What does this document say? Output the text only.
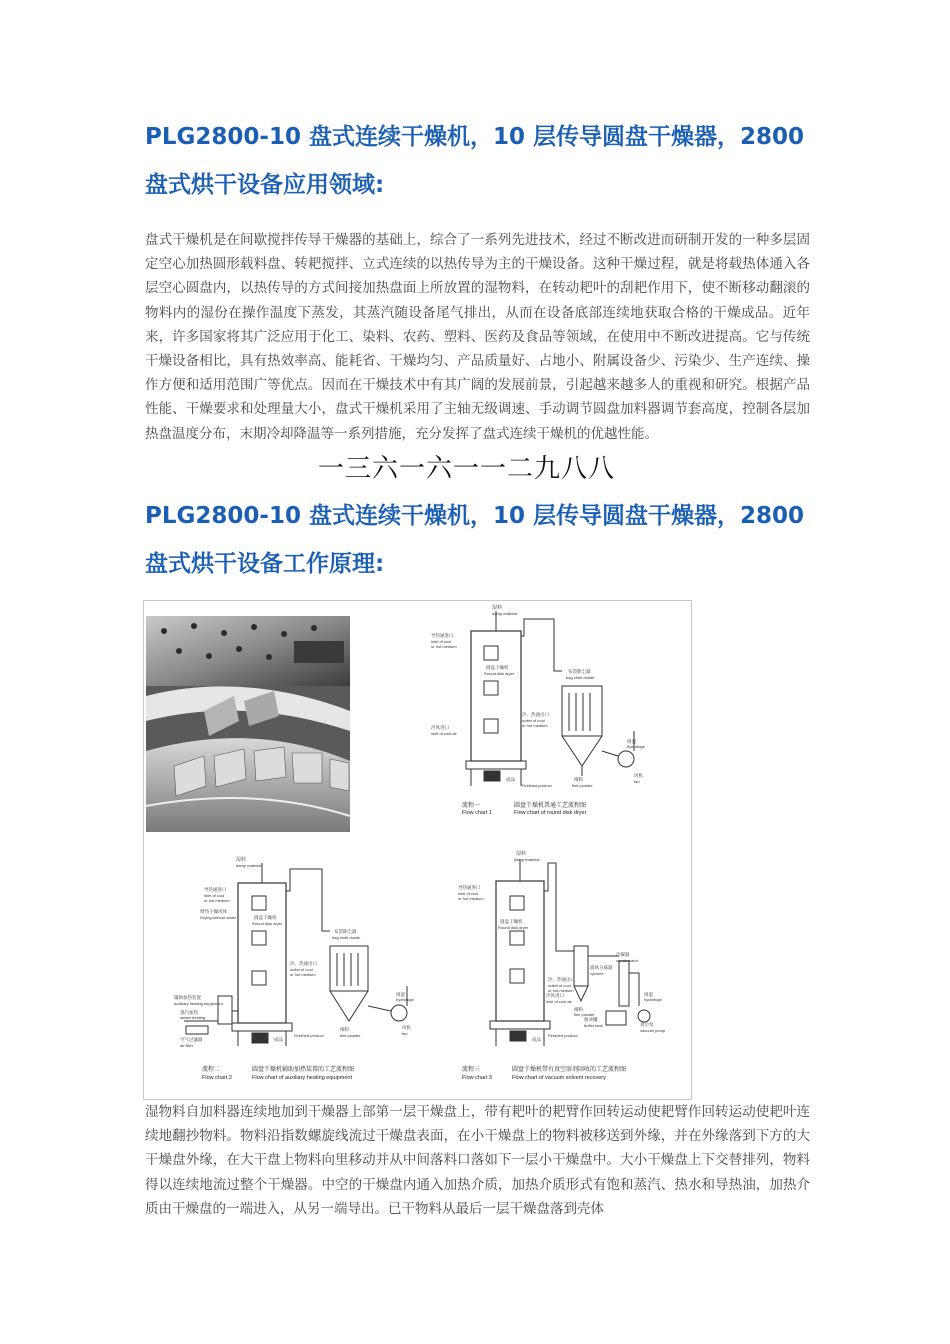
PLG2800-10 盘式连续干燥机，10 层传导圆盘干燥器，2800 盘式烘干设备应用领域:

盘式干燥机是在间歇搅拌传导干燥器的基础上，综合了一系列先进技术，经过不断改进而研制开发的一种多层固定空心加热圆形载料盘、转耙搅拌、立式连续的以热传导为主的干燥设备。这种干燥过程，就是将载热体通入各层空心圆盘内，以热传导的方式间接加热盘面上所放置的湿物料，在转动耙叶的刮耙作用下，使不断移动翻滚的物料内的湿份在操作温度下蒸发，其蒸汽随设备尾气排出，从而在设备底部连续地获取合格的干燥成品。近年来，许多国家将其广泛应用于化工、染料、农药、塑料、医药及食品等领域，在使用中不断改进提高。它与传统干燥设备相比，具有热效率高、能耗省、干燥均匀、产品质量好、占地小、附属设备少、污染少、生产连续、操作方便和适用范围广等优点。因而在干燥技术中有其广阔的发展前景，引起越来越多人的重视和研究。根据产品性能、干燥要求和处理量大小，盘式干燥机采用了主轴无级调速、手动调节圆盘加料器调节套高度，控制各层加热盘温度分布，末期冷却降温等一系列措施，充分发挥了盘式连续干燥机的优越性能。

一三六一六一一二九八八
PLG2800-10 盘式连续干燥机，10 层传导圆盘干燥器，2800 盘式烘干设备工作原理:
湿料
damp material
导热通进口
inlet of cool
or hot medium
圆盘干燥机
Round disk dryer	布袋除尘器
bag cloth duster
冷、热通出口
outlet of cool
or hot medium
冷风进口
inlet of cool air
排湿
hydrofuge
成品
Finished product
细粉
fine powder
风机
fan
流程一
Flow chart 1
圆盘干燥机普通工艺流程图
Flow chart of round disk dryer
湿料
damp material
导热通进口
inlet of cool
or hot medium
增热干燥风体
Drying without water	圆盘干燥机
Round disk dryer
布袋除尘器
bag cloth duster
冷、热通出口
outlet of cool
or hot medium
辅助加热装置
auxiliary heating equipment
蒸汽加热
steam heating
空气过滤器
air filter
排湿
hydrofuge
成品
Finished product
细粉
fine powder
风机
fan
流程二
Flow chart 2
圆盘干燥机辅助加热装置的工艺流程图
Flow chart of auxiliary heating equipment
湿料
damp material
导热通进口
inlet of cool
or hot medium
圆盘干燥机
Round disk dryer
旋风分离器
cyclone
冷凝器
condensator
冷、热通出口
outlet of cool
or hot medium
冷风进口
inlet of cool air
细粉
fine powder
缓冲罐
buffer tank	真空泵
vacuum pump
排湿
hydrofuge
成品
Finished product
流程三
Flow chart 3
圆盘干燥机带有真空溶剂回收的工艺流程图
Flow chart of vacuum solvent recovery

湿物料自加料器连续地加到干燥器上部第一层干燥盘上，带有耙叶的耙臂作回转运动使耙臂作回转运动使耙叶连续地翻抄物料。物料沿指数螺旋线流过干燥盘表面，在小干燥盘上的物料被移送到外缘，并在外缘落到下方的大干燥盘外缘，在大干盘上物料向里移动并从中间落料口落如下一层小干燥盘中。大小干燥盘上下交替排列，物料得以连续地流过整个干燥器。中空的干燥盘内通入加热介质，加热介质形式有饱和蒸汽、热水和导热油，加热介质由干燥盘的一端进入，从另一端导出。已干物料从最后一层干燥盘落到壳体
